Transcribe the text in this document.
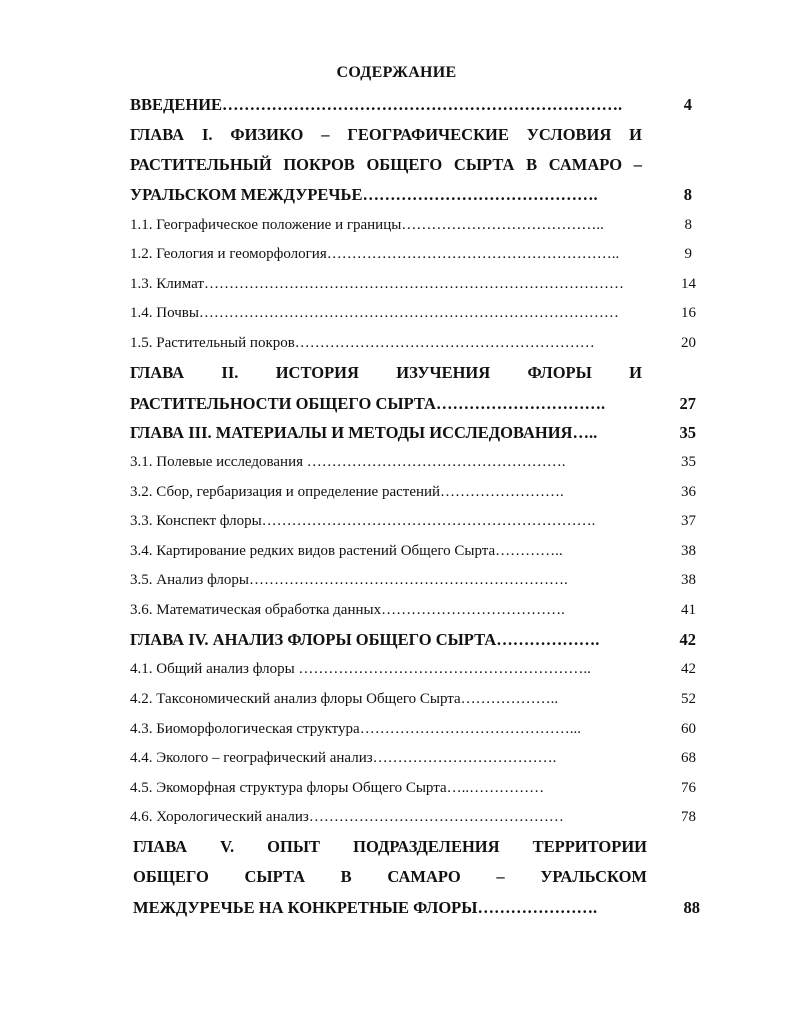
СОДЕРЖАНИЕ
ВВЕДЕНИЕ……………………………………………………………….	4
ГЛАВА I. ФИЗИКО – ГЕОГРАФИЧЕСКИЕ УСЛОВИЯ И
РАСТИТЕЛЬНЫЙ ПОКРОВ ОБЩЕГО СЫРТА В САМАРО –
УРАЛЬСКОМ МЕЖДУРЕЧЬЕ…………………………………….	8
1.1. Географическое положение и границы…………………………………..	8
1.2. Геология и геоморфология…………………………………………………..	9
1.3. Климат…………………………………………………………………………	14
1.4. Почвы…………………………………………………………………………	16
1.5. Растительный покров……………………………………………………	20
ГЛАВА II. ИСТОРИЯ ИЗУЧЕНИЯ ФЛОРЫ И
РАСТИТЕЛЬНОСТИ ОБЩЕГО СЫРТА………………………….	27
ГЛАВА III. МАТЕРИАЛЫ И МЕТОДЫ ИССЛЕДОВАНИЯ…..	35
3.1. Полевые исследования …………………………………………….	35
3.2. Сбор, гербаризация и определение растений…………………….	36
3.3. Конспект флоры………………………………………………………….	37
3.4. Картирование редких видов растений Общего Сырта…………..	38
3.5. Анализ флоры……………………………………………………….	38
3.6. Математическая обработка данных……………………………….	41
ГЛАВА IV. АНАЛИЗ ФЛОРЫ ОБЩЕГО СЫРТА……………….	42
4.1. Общий анализ флоры …………………………………………………..	42
4.2. Таксономический анализ флоры Общего Сырта………………..	52
4.3. Биоморфологическая структура……………………………………...	60
4.4. Эколого – географический анализ……………………………….	68
4.5. Экоморфная структура флоры Общего Сырта…..……………	76
4.6. Хорологический анализ……………………………………………	78
ГЛАВА V. ОПЫТ ПОДРАЗДЕЛЕНИЯ ТЕРРИТОРИИ
ОБЩЕГО СЫРТА В САМАРО – УРАЛЬСКОМ
МЕЖДУРЕЧЬЕ НА КОНКРЕТНЫЕ ФЛОРЫ………………….	88
